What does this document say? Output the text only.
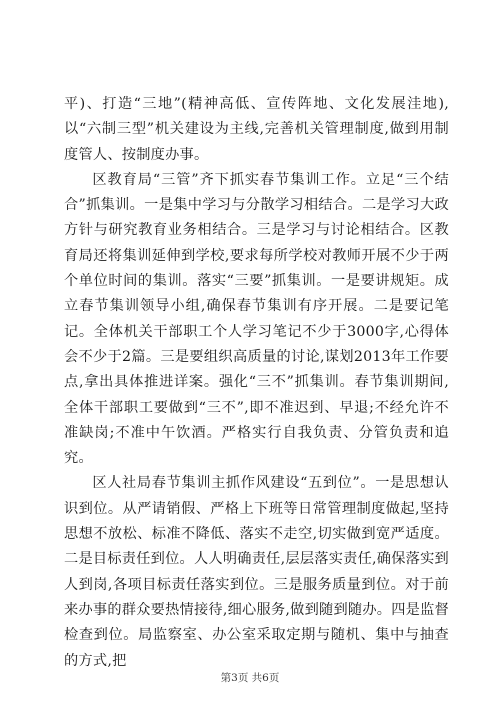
平)、打造“三地”(精神高低、宣传阵地、文化发展洼地),以“六制三型”机关建设为主线,完善机关管理制度,做到用制度管人、按制度办事。

区教育局“三管”齐下抓实春节集训工作。立足“三个结合”抓集训。一是集中学习与分散学习相结合。二是学习大政方针与研究教育业务相结合。三是学习与讨论相结合。区教育局还将集训延伸到学校,要求每所学校对教师开展不少于两个单位时间的集训。落实“三要”抓集训。一是要讲规矩。成立春节集训领导小组,确保春节集训有序开展。二是要记笔记。全体机关干部职工个人学习笔记不少于3000字,心得体会不少于2篇。三是要组织高质量的讨论,谋划2013年工作要点,拿出具体推进详案。强化“三不”抓集训。春节集训期间,全体干部职工要做到“三不”,即不准迟到、早退;不经允许不准缺岗;不准中午饮酒。严格实行自我负责、分管负责和追究。

区人社局春节集训主抓作风建设“五到位”。一是思想认识到位。从严请销假、严格上下班等日常管理制度做起,坚持思想不放松、标准不降低、落实不走空,切实做到宽严适度。二是目标责任到位。人人明确责任,层层落实责任,确保落实到人到岗,各项目标责任落实到位。三是服务质量到位。对于前来办事的群众要热情接待,细心服务,做到随到随办。四是监督检查到位。局监察室、办公室采取定期与随机、集中与抽查的方式,把

第3页 共6页
